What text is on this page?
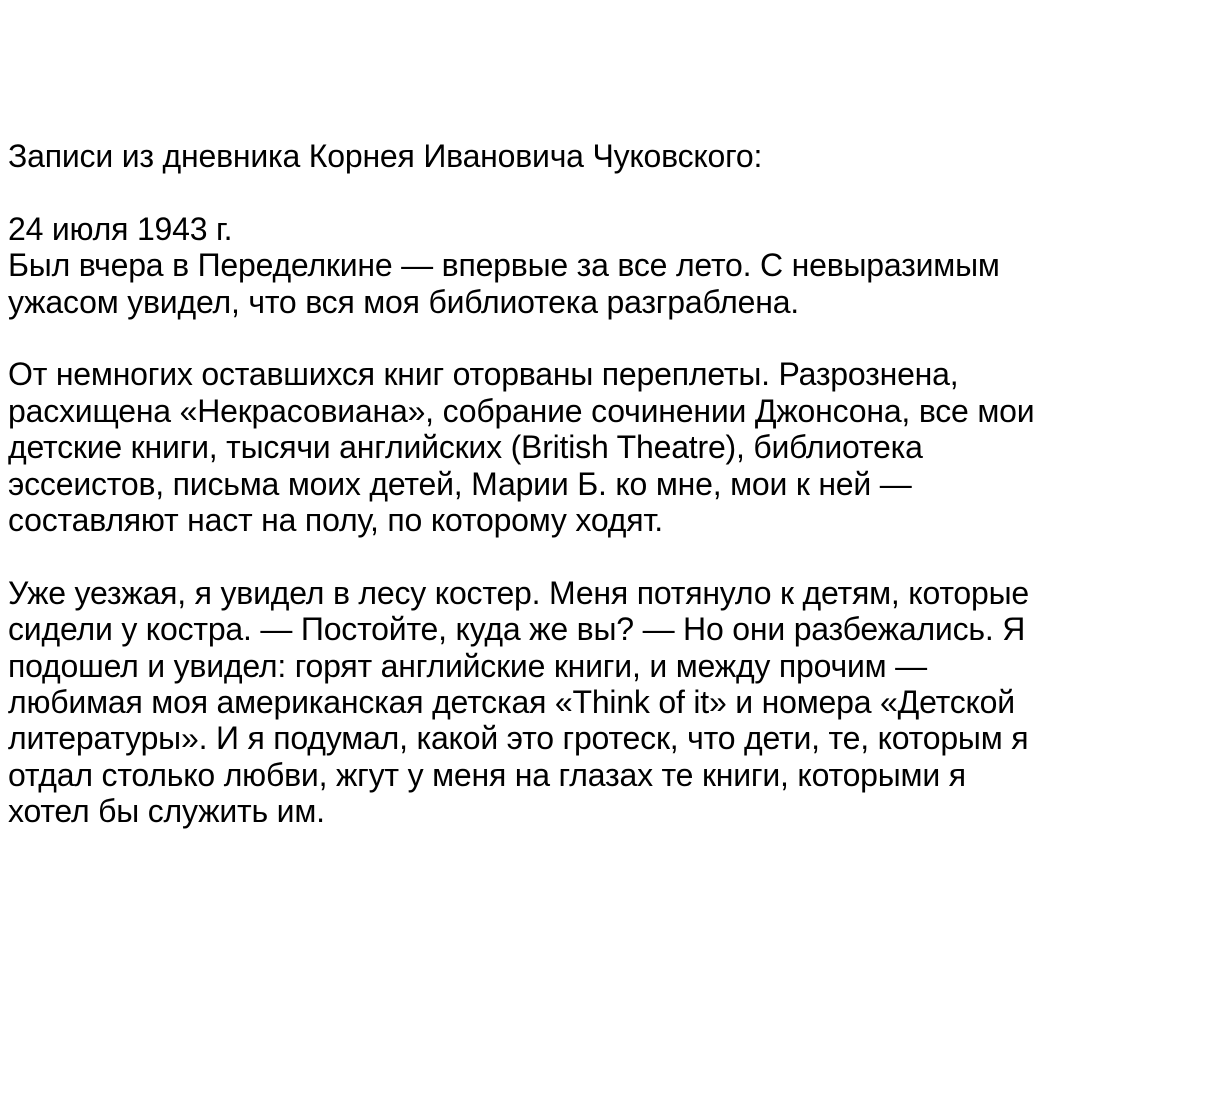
Записи из дневника Корнея Ивановича Чуковского:
24 июля 1943 г.
Был вчера в Переделкине — впервые за все лето. С невыразимым
ужасом увидел, что вся моя библиотека разграблена.
От немногих оставшихся книг оторваны переплеты. Разрознена,
расхищена «Некрасовиана», собрание сочинении Джонсона, все мои
детские книги, тысячи английских (British Theatre), библиотека
эссеистов, письма моих детей, Марии Б. ко мне, мои к ней —
составляют наст на полу, по которому ходят.
Уже уезжая, я увидел в лесу костер. Меня потянуло к детям, которые
сидели у костра. — Постойте, куда же вы? — Но они разбежались. Я
подошел и увидел: горят английские книги, и между прочим —
любимая моя американская детская «Think of it» и номера «Детской
литературы». И я подумал, какой это гротеск, что дети, те, которым я
отдал столько любви, жгут у меня на глазах те книги, которыми я
хотел бы служить им.
